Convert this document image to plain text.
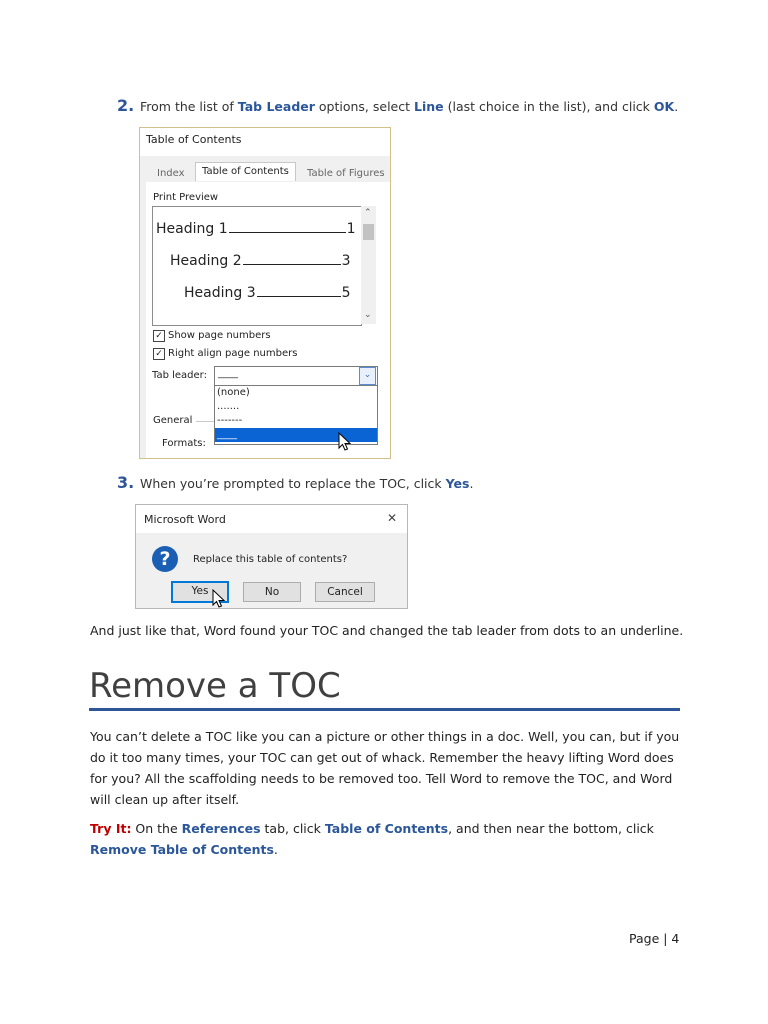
2. From the list of Tab Leader options, select Line (last choice in the list), and click OK.
Table of Contents
Index	Table of Contents	Table of Figures
Print Preview
Heading 1	1
Heading 2	3
Heading 3	5
⌃
⌄
✓ Show page numbers
✓ Right align page numbers
Tab leader: ____	⌄
(none)
.......
-------
____
General
Formats:
3. When you’re prompted to replace the TOC, click Yes.
Microsoft Word	✕
?	Replace this table of contents?
Yes	No	Cancel
And just like that, Word found your TOC and changed the tab leader from dots to an underline.
Remove a TOC
You can’t delete a TOC like you can a picture or other things in a doc. Well, you can, but if you
do it too many times, your TOC can get out of whack. Remember the heavy lifting Word does
for you? All the scaffolding needs to be removed too. Tell Word to remove the TOC, and Word
will clean up after itself.
Try It: On the References tab, click Table of Contents, and then near the bottom, click
Remove Table of Contents.
Page | 4
